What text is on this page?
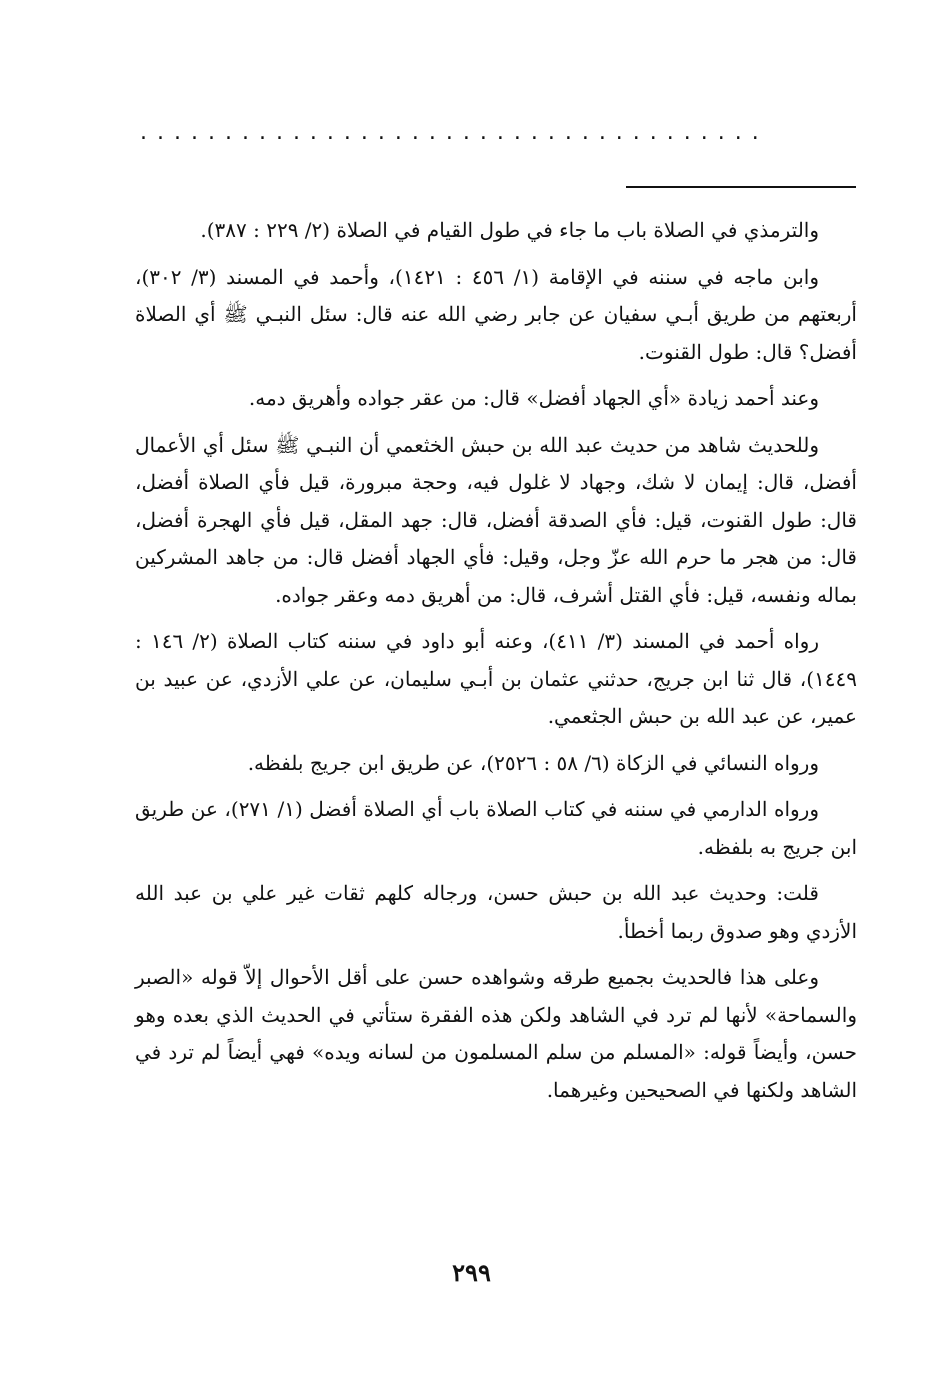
.....................................

والترمذي في الصلاة باب ما جاء في طول القيام في الصلاة (٢/ ٢٢٩ : ٣٨٧).

وابن ماجه في سننه في الإقامة (١/ ٤٥٦ : ١٤٢١)، وأحمد في المسند (٣/ ٣٠٢)، أربعتهم من طريق أبـي سفيان عن جابر رضي الله عنه قال: سئل النبـي ﷺ أي الصلاة أفضل؟ قال: طول القنوت.

وعند أحمد زيادة «أي الجهاد أفضل» قال: من عقر جواده وأهريق دمه.

وللحديث شاهد من حديث عبد الله بن حبش الخثعمي أن النبـي ﷺ سئل أي الأعمال أفضل، قال: إيمان لا شك، وجهاد لا غلول فيه، وحجة مبرورة، قيل فأي الصلاة أفضل، قال: طول القنوت، قيل: فأي الصدقة أفضل، قال: جهد المقل، قيل فأي الهجرة أفضل، قال: من هجر ما حرم الله عزّ وجل، وقيل: فأي الجهاد أفضل قال: من جاهد المشركين بماله ونفسه، قيل: فأي القتل أشرف، قال: من أهريق دمه وعقر جواده.

رواه أحمد في المسند (٣/ ٤١١)، وعنه أبو داود في سننه كتاب الصلاة (٢/ ١٤٦ : ١٤٤٩)، قال ثنا ابن جريج، حدثني عثمان بن أبـي سليمان، عن علي الأزدي، عن عبيد بن عمير، عن عبد الله بن حبش الجثعمي.

ورواه النسائي في الزكاة (٦/ ٥٨ : ٢٥٢٦)، عن طريق ابن جريج بلفظه.

ورواه الدارمي في سننه في كتاب الصلاة باب أي الصلاة أفضل (١/ ٢٧١)، عن طريق ابن جريج به بلفظه.

قلت: وحديث عبد الله بن حبش حسن، ورجاله كلهم ثقات غير علي بن عبد الله الأزدي وهو صدوق ربما أخطأ.

وعلى هذا فالحديث بجميع طرقه وشواهده حسن على أقل الأحوال إلاّ قوله «الصبر والسماحة» لأنها لم ترد في الشاهد ولكن هذه الفقرة ستأتي في الحديث الذي بعده وهو حسن، وأيضاً قوله: «المسلم من سلم المسلمون من لسانه ويده» فهي أيضاً لم ترد في الشاهد ولكنها في الصحيحين وغيرهما.

٢٩٩
